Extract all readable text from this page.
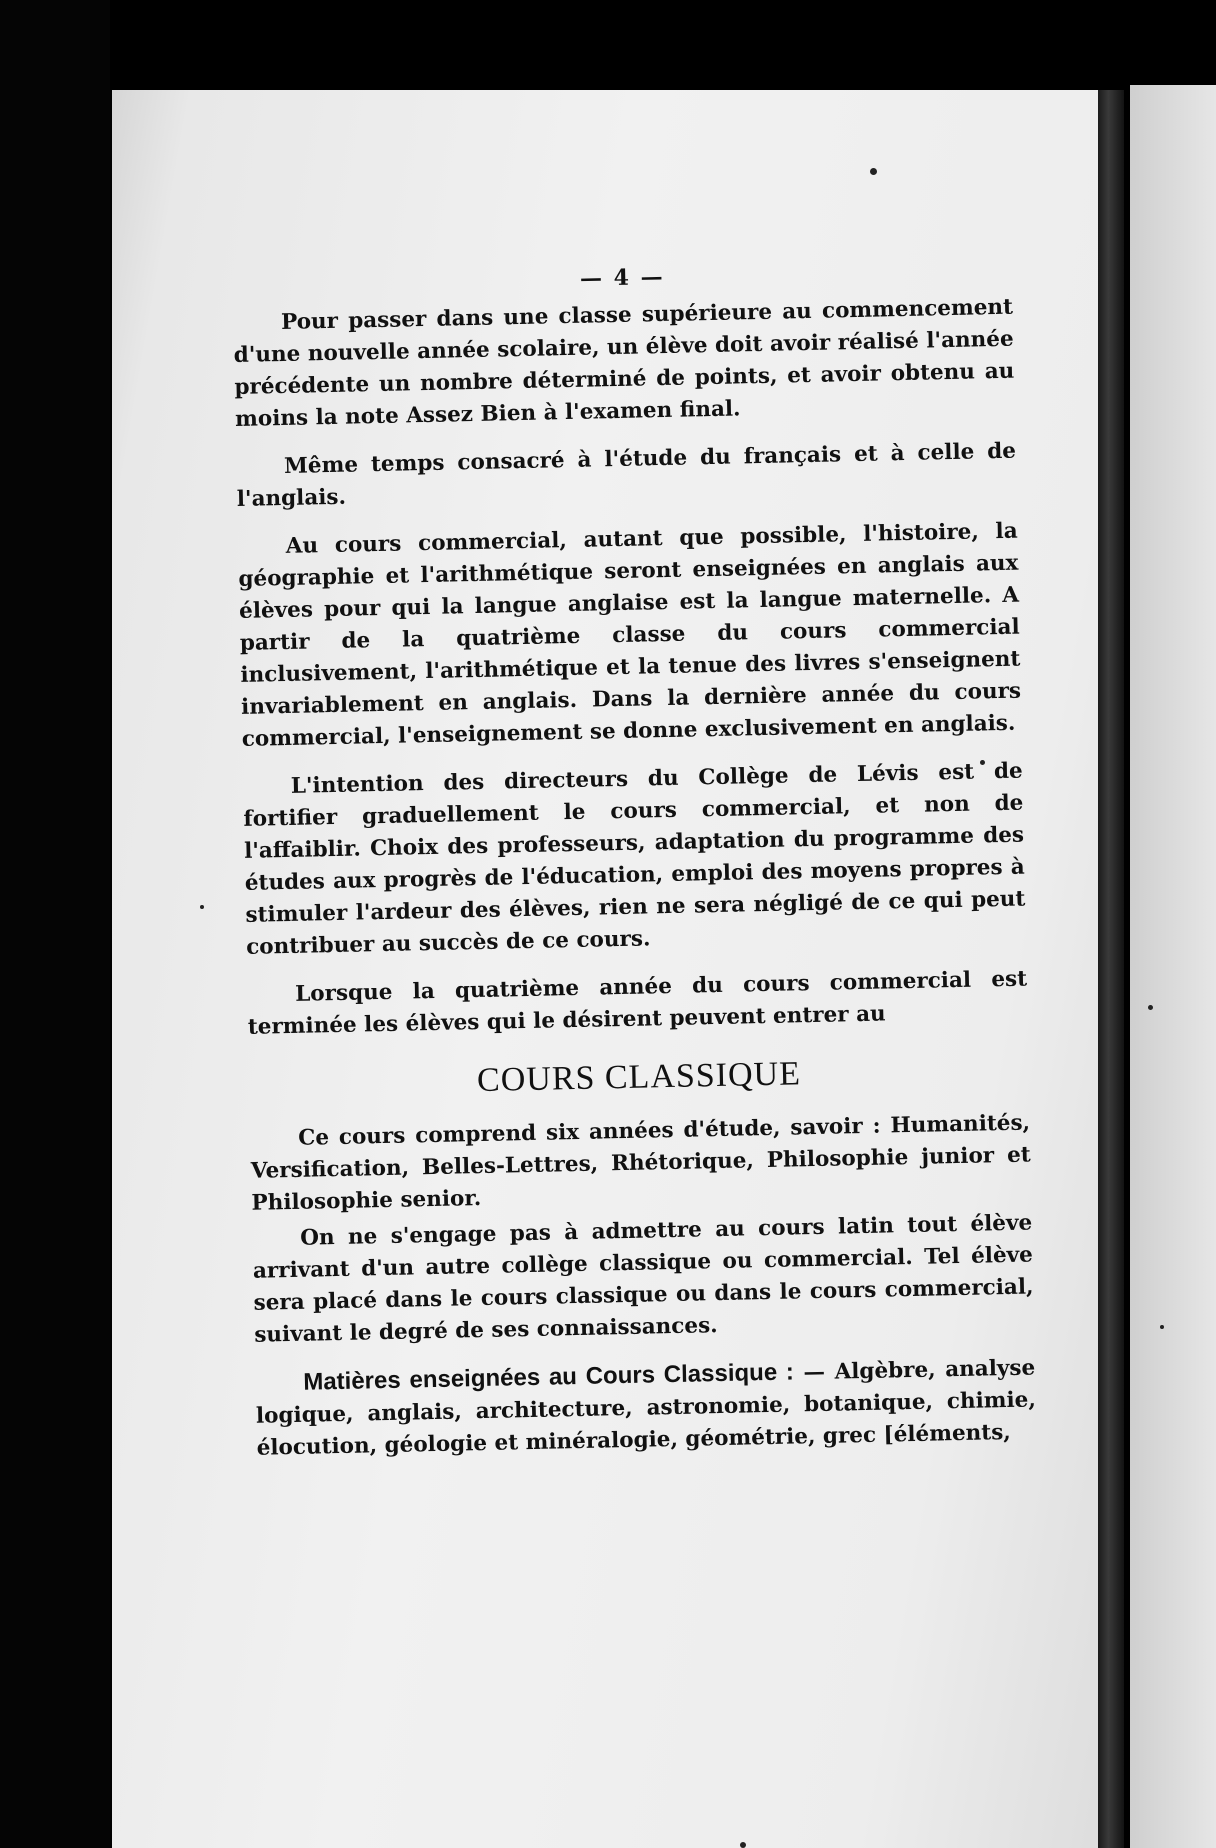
— 4 —

Pour passer dans une classe supérieure au commencement d'une nouvelle année scolaire, un élève doit avoir réalisé l'année précédente un nombre déterminé de points, et avoir obtenu au moins la note Assez Bien à l'examen final.

Même temps consacré à l'étude du français et à celle de l'anglais.

Au cours commercial, autant que possible, l'histoire, la géographie et l'arithmétique seront enseignées en anglais aux élèves pour qui la langue anglaise est la langue maternelle. A partir de la quatrième classe du cours commercial inclusivement, l'arithmétique et la tenue des livres s'enseignent invariablement en anglais. Dans la dernière année du cours commercial, l'enseignement se donne exclusivement en anglais.

L'intention des directeurs du Collège de Lévis est de fortifier graduellement le cours commercial, et non de l'affaiblir. Choix des professeurs, adaptation du programme des études aux progrès de l'éducation, emploi des moyens propres à stimuler l'ardeur des élèves, rien ne sera négligé de ce qui peut contribuer au succès de ce cours.

Lorsque la quatrième année du cours commercial est terminée les élèves qui le désirent peuvent entrer au

COURS CLASSIQUE

Ce cours comprend six années d'étude, savoir : Humanités, Versification, Belles-Lettres, Rhétorique, Philosophie junior et Philosophie senior.

On ne s'engage pas à admettre au cours latin tout élève arrivant d'un autre collège classique ou commercial. Tel élève sera placé dans le cours classique ou dans le cours commercial, suivant le degré de ses connaissances.

Matières enseignées au Cours Classique : — Algèbre, analyse logique, anglais, architecture, astronomie, botanique, chimie, élocution, géologie et minéralogie, géométrie, grec [éléments,
